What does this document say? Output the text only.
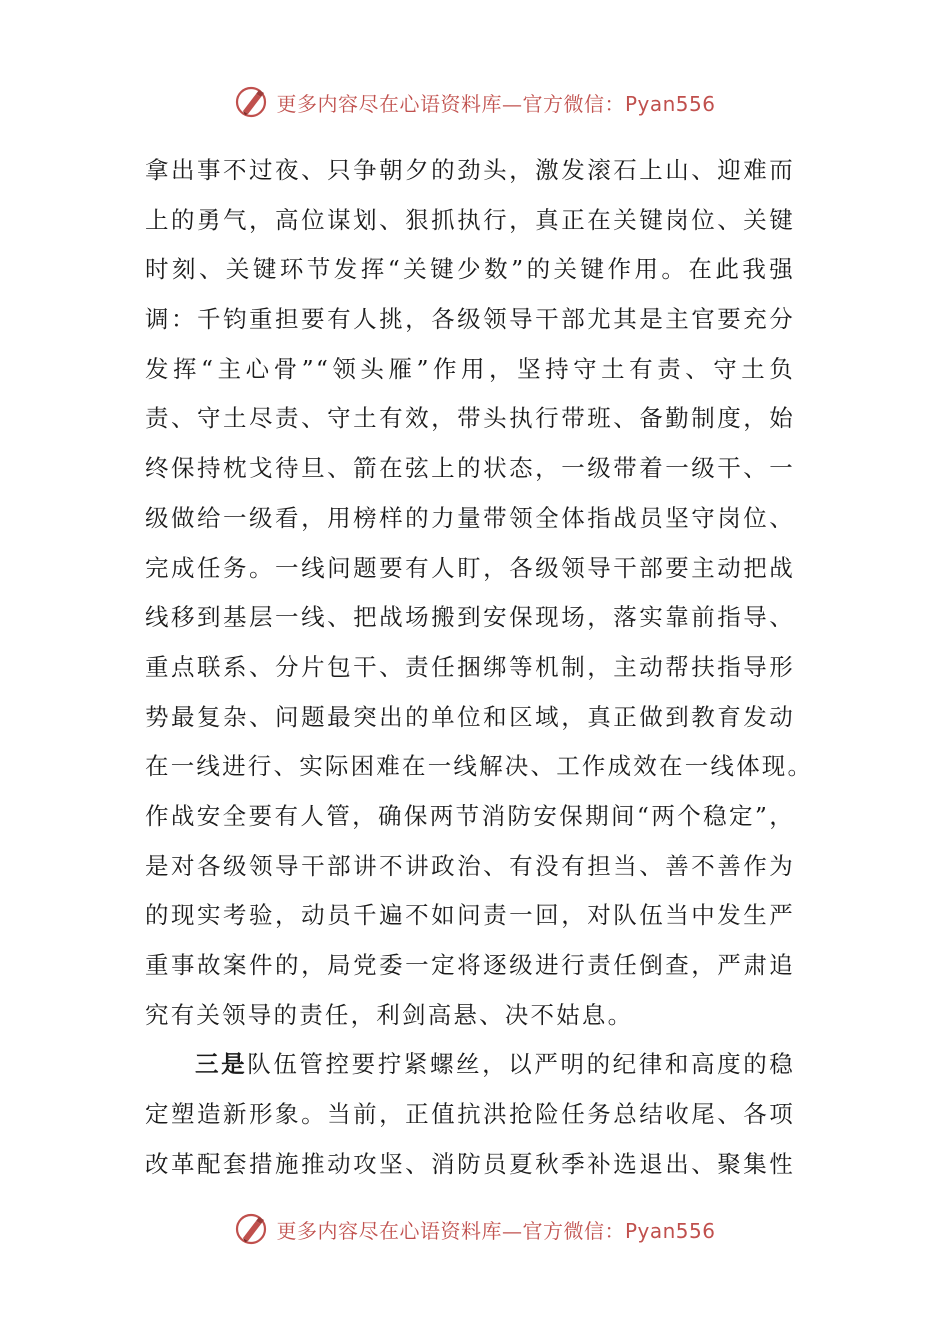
更多内容尽在心语资料库— 官方微信：Pyan556
拿出事不过夜、只争朝夕的劲头，激发滚石上山、迎难而
上的勇气，高位谋划、狠抓执行，真正在关键岗位、关键
时刻、关键环节发挥“关键少数”的关键作用。在此我强
调：千钧重担要有人挑，各级领导干部尤其是主官要充分
发挥“主心骨”“领头雁”作用，坚持守土有责、守土负
责、守土尽责、守土有效，带头执行带班、备勤制度，始
终保持枕戈待旦、箭在弦上的状态，一级带着一级干、一
级做给一级看，用榜样的力量带领全体指战员坚守岗位、
完成任务。一线问题要有人盯，各级领导干部要主动把战
线移到基层一线、把战场搬到安保现场，落实靠前指导、
重点联系、分片包干、责任捆绑等机制，主动帮扶指导形
势最复杂、问题最突出的单位和区域，真正做到教育发动
在一线进行、实际困难在一线解决、工作成效在一线体现。
作战安全要有人管，确保两节消防安保期间“两个稳定”，
是对各级领导干部讲不讲政治、有没有担当、善不善作为
的现实考验，动员千遍不如问责一回，对队伍当中发生严
重事故案件的，局党委一定将逐级进行责任倒查，严肃追
究有关领导的责任，利剑高悬、决不姑息。
三是队伍管控要拧紧螺丝，以严明的纪律和高度的稳
定塑造新形象。当前，正值抗洪抢险任务总结收尾、各项
改革配套措施推动攻坚、消防员夏秋季补选退出、聚集性
更多内容尽在心语资料库— 官方微信：Pyan556
